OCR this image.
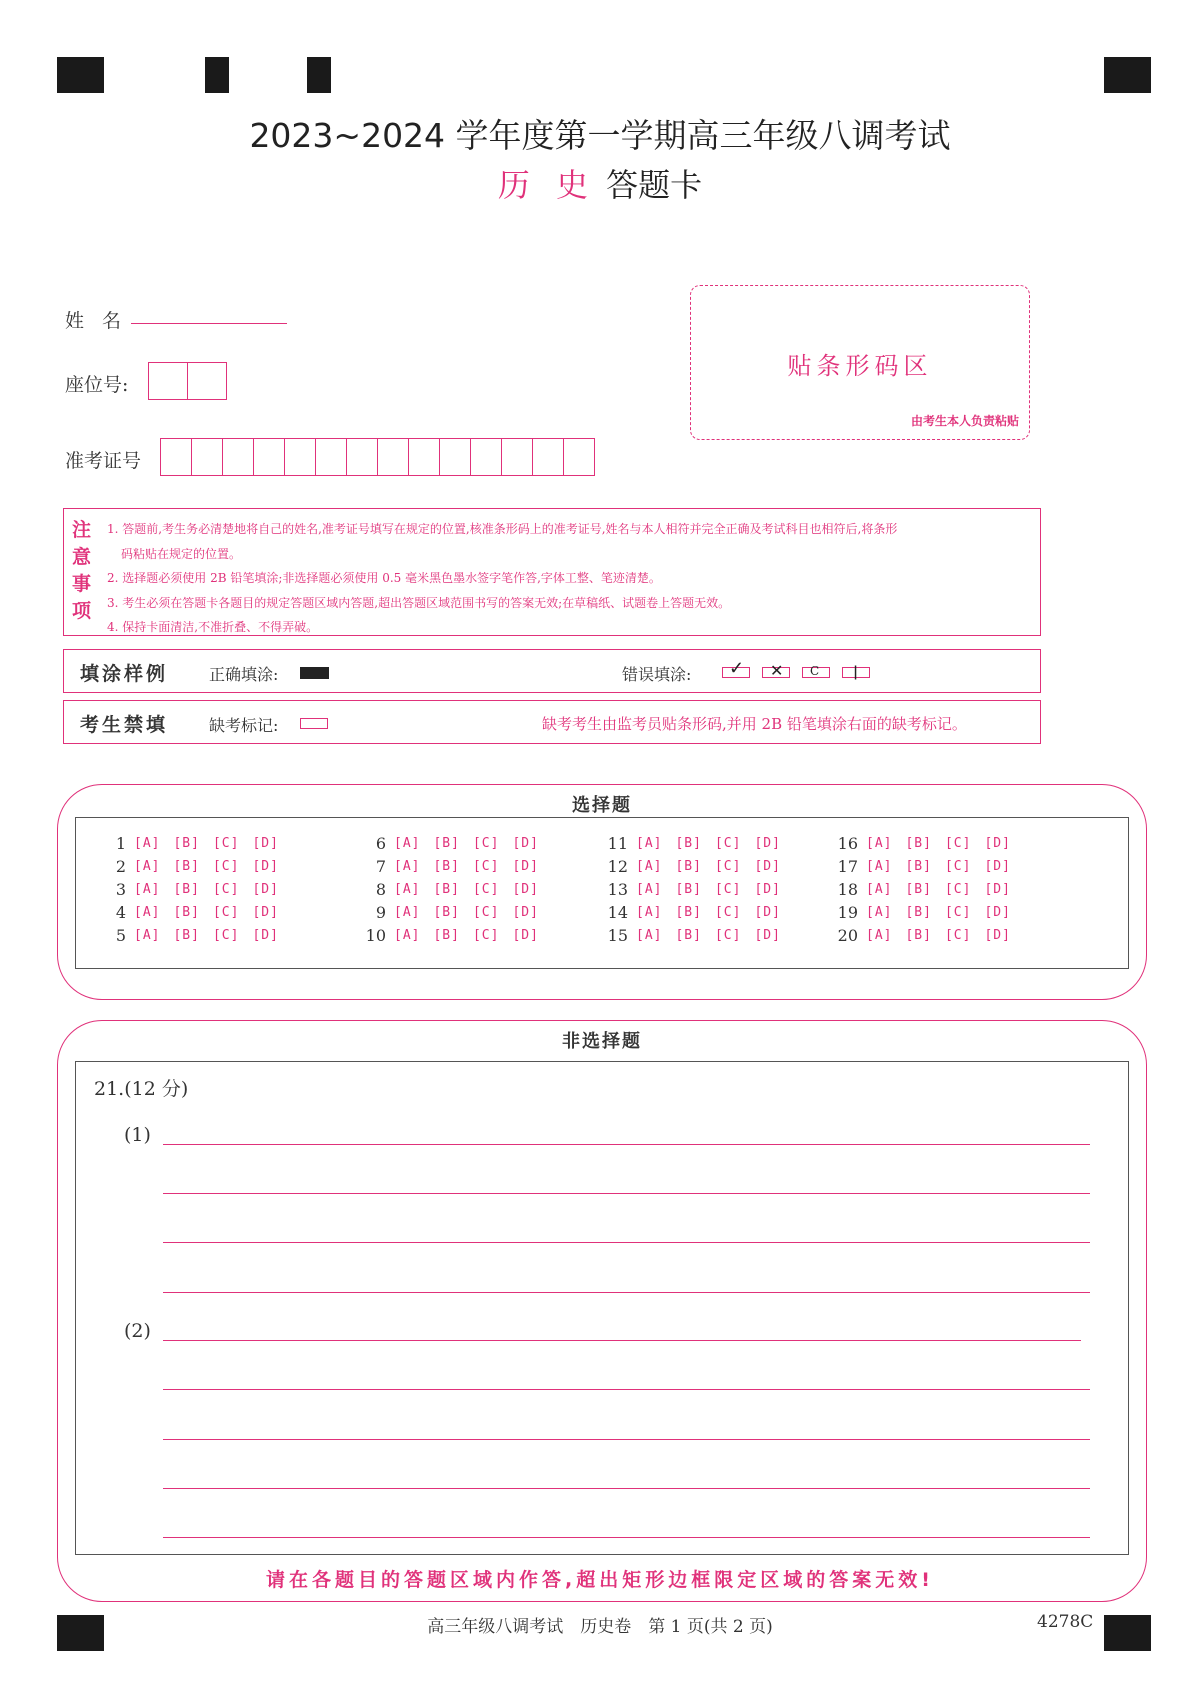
2023~2024 学年度第一学期高三年级八调考试
历 史 答题卡
姓 名
座位号:
准考证号
贴条形码区
由考生本人负责粘贴
注
意
事
项
1. 答题前,考生务必清楚地将自己的姓名,准考证号填写在规定的位置,核准条形码上的准考证号,姓名与本人相符并完全正确及考试科目也相符后,将条形
码粘贴在规定的位置。
2. 选择题必须使用 2B 铅笔填涂;非选择题必须使用 0.5 毫米黑色墨水签字笔作答,字体工整、笔迹清楚。
3. 考生必须在答题卡各题目的规定答题区域内答题,超出答题区域范围书写的答案无效;在草稿纸、试题卷上答题无效。
4. 保持卡面清洁,不准折叠、不得弄破。
填涂样例	正确填涂:	错误填涂: ✓ ✕ C |
考生禁填	缺考标记:	缺考考生由监考员贴条形码,并用 2B 铅笔填涂右面的缺考标记。
选择题
1 [A] [B] [C] [D]
2 [A] [B] [C] [D]
3 [A] [B] [C] [D]
4 [A] [B] [C] [D]
5 [A] [B] [C] [D]
6 [A] [B] [C] [D]
7 [A] [B] [C] [D]
8 [A] [B] [C] [D]
9 [A] [B] [C] [D]
10 [A] [B] [C] [D]
11 [A] [B] [C] [D]
12 [A] [B] [C] [D]
13 [A] [B] [C] [D]
14 [A] [B] [C] [D]
15 [A] [B] [C] [D]
16 [A] [B] [C] [D]
17 [A] [B] [C] [D]
18 [A] [B] [C] [D]
19 [A] [B] [C] [D]
20 [A] [B] [C] [D]
非选择题
21.(12 分)
(1)
(2)
请在各题目的答题区域内作答,超出矩形边框限定区域的答案无效!
高三年级八调考试　历史卷　第 1 页(共 2 页)	4278C
